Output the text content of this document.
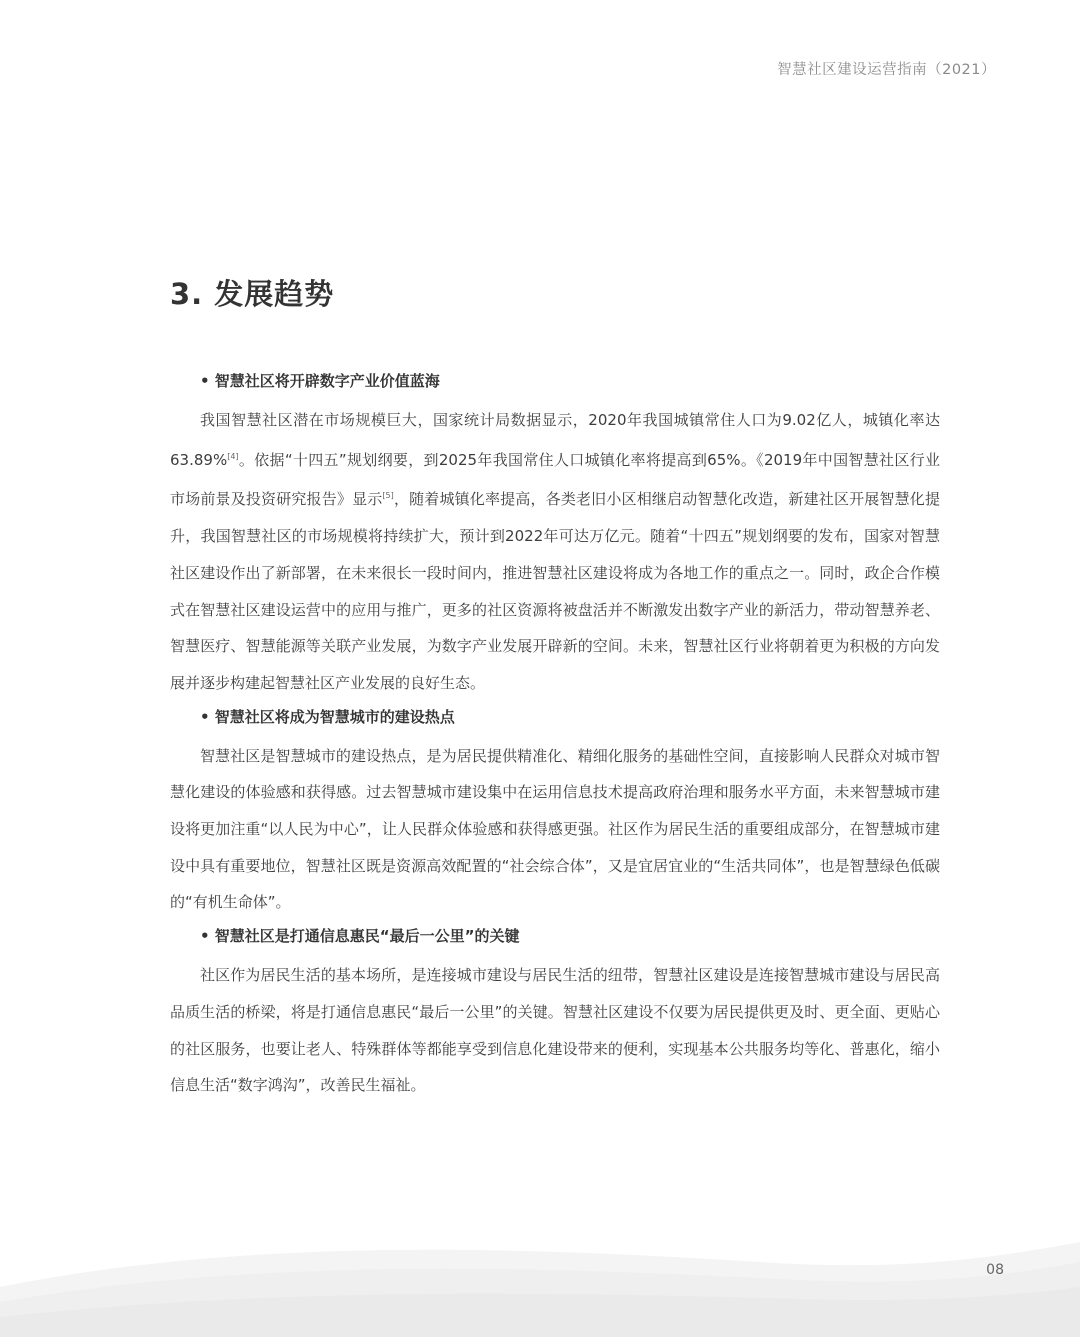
智慧社区建设运营指南（2021）
3. 发展趋势

• 智慧社区将开辟数字产业价值蓝海

我国智慧社区潜在市场规模巨大，国家统计局数据显示，2020年我国城镇常住人口为9.02亿人，城镇化率达63.89%[4]。依据“十四五”规划纲要，到2025年我国常住人口城镇化率将提高到65%。《2019年中国智慧社区行业市场前景及投资研究报告》显示[5]，随着城镇化率提高，各类老旧小区相继启动智慧化改造，新建社区开展智慧化提升，我国智慧社区的市场规模将持续扩大，预计到2022年可达万亿元。随着“十四五”规划纲要的发布，国家对智慧社区建设作出了新部署，在未来很长一段时间内，推进智慧社区建设将成为各地工作的重点之一。同时，政企合作模式在智慧社区建设运营中的应用与推广，更多的社区资源将被盘活并不断激发出数字产业的新活力，带动智慧养老、智慧医疗、智慧能源等关联产业发展，为数字产业发展开辟新的空间。未来，智慧社区行业将朝着更为积极的方向发展并逐步构建起智慧社区产业发展的良好生态。

• 智慧社区将成为智慧城市的建设热点

智慧社区是智慧城市的建设热点，是为居民提供精准化、精细化服务的基础性空间，直接影响人民群众对城市智慧化建设的体验感和获得感。过去智慧城市建设集中在运用信息技术提高政府治理和服务水平方面，未来智慧城市建设将更加注重“以人民为中心”，让人民群众体验感和获得感更强。社区作为居民生活的重要组成部分，在智慧城市建设中具有重要地位，智慧社区既是资源高效配置的“社会综合体”，又是宜居宜业的“生活共同体”，也是智慧绿色低碳的“有机生命体”。

• 智慧社区是打通信息惠民“最后一公里”的关键

社区作为居民生活的基本场所，是连接城市建设与居民生活的纽带，智慧社区建设是连接智慧城市建设与居民高品质生活的桥梁，将是打通信息惠民“最后一公里”的关键。智慧社区建设不仅要为居民提供更及时、更全面、更贴心的社区服务，也要让老人、特殊群体等都能享受到信息化建设带来的便利，实现基本公共服务均等化、普惠化，缩小信息生活“数字鸿沟”，改善民生福祉。

08
